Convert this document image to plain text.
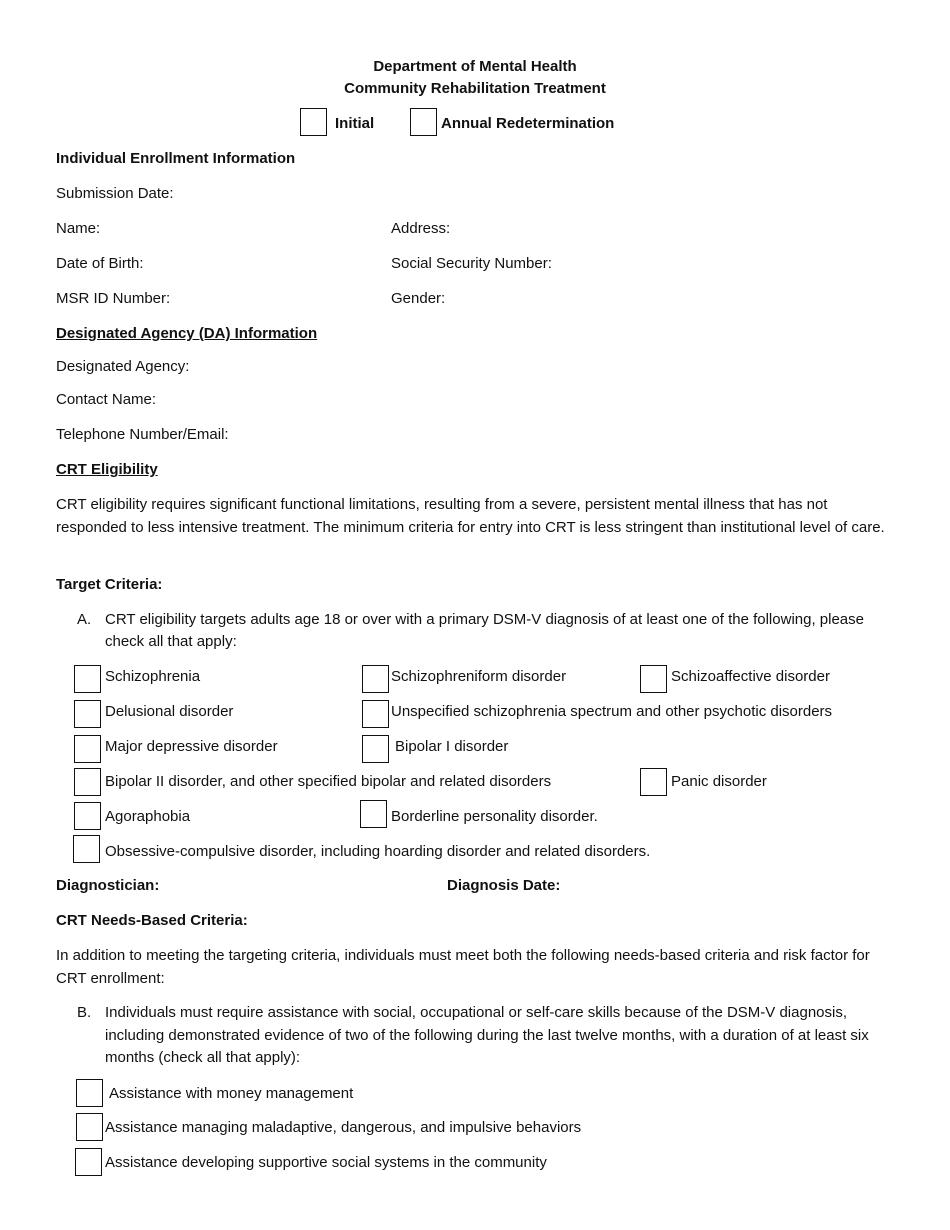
Department of Mental Health
Community Rehabilitation Treatment
Initial	Annual Redetermination
Individual Enrollment Information
Submission Date:
Name:	Address:
Date of Birth:	Social Security Number:
MSR ID Number:	Gender:
Designated Agency (DA) Information
Designated Agency:
Contact Name:
Telephone Number/Email:
CRT Eligibility
CRT eligibility requires significant functional limitations, resulting from a severe, persistent mental illness that has not responded to less intensive treatment. The minimum criteria for entry into CRT is less stringent than institutional level of care.
Target Criteria:
A. CRT eligibility targets adults age 18 or over with a primary DSM-V diagnosis of at least one of the following, please check all that apply:
Schizophrenia	Schizophreniform disorder	Schizoaffective disorder
Delusional disorder	Unspecified schizophrenia spectrum and other psychotic disorders
Major depressive disorder	Bipolar I disorder
Bipolar II disorder, and other specified bipolar and related disorders	Panic disorder
Agoraphobia	Borderline personality disorder.
Obsessive-compulsive disorder, including hoarding disorder and related disorders.
Diagnostician:	Diagnosis Date:
CRT Needs-Based Criteria:
In addition to meeting the targeting criteria, individuals must meet both the following needs-based criteria and risk factor for CRT enrollment:
B. Individuals must require assistance with social, occupational or self-care skills because of the DSM-V diagnosis, including demonstrated evidence of two of the following during the last twelve months, with a duration of at least six months (check all that apply):
Assistance with money management
Assistance managing maladaptive, dangerous, and impulsive behaviors
Assistance developing supportive social systems in the community
